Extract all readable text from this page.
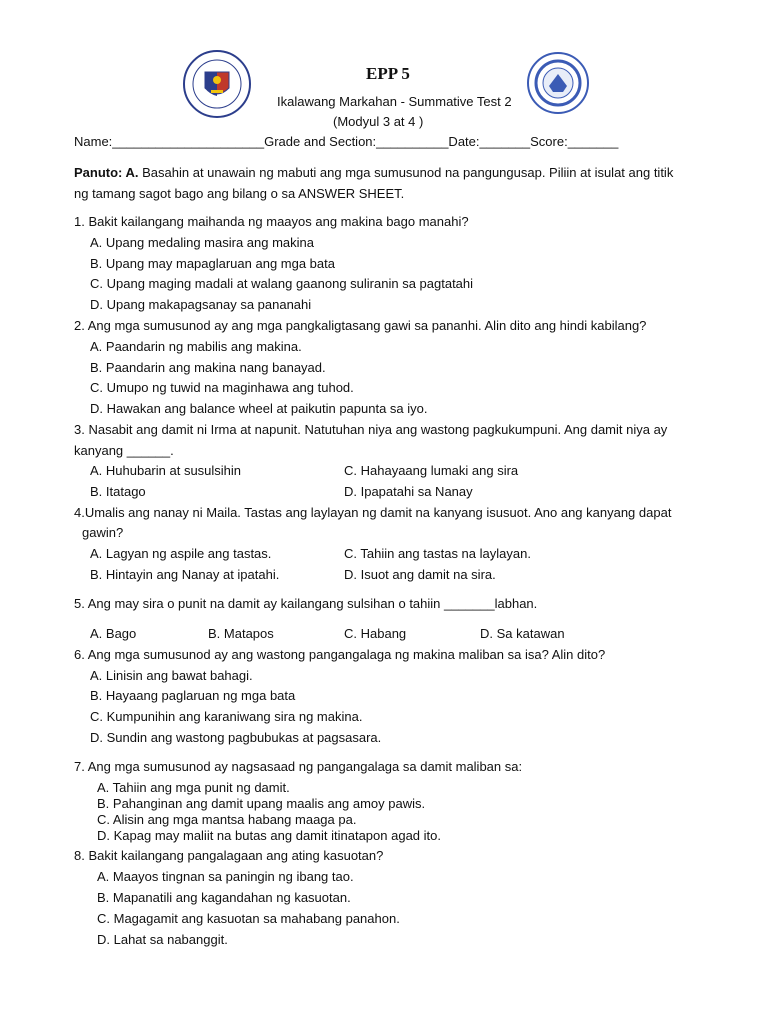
EPP 5
Ikalawang Markahan - Summative Test 2
(Modyul 3 at 4 )
Name:_____________________Grade and Section:__________Date:_______Score:_______
Panuto: A. Basahin at unawain ng mabuti ang mga sumusunod na pangungusap. Piliin at isulat ang titik
ng tamang sagot bago ang bilang o sa ANSWER SHEET.
1. Bakit kailangang maihanda ng maayos ang makina bago manahi?
A. Upang medaling masira ang makina
B. Upang may mapaglaruan ang mga bata
C. Upang maging madali at walang gaanong suliranin sa pagtatahi
D. Upang makapagsanay sa pananahi
2. Ang mga sumusunod ay ang mga pangkaligtasang gawi sa pananhi. Alin dito ang hindi kabilang?
A. Paandarin ng mabilis ang makina.
B. Paandarin ang makina nang banayad.
C. Umupo ng tuwid na maginhawa ang tuhod.
D. Hawakan ang balance wheel at paikutin papunta sa iyo.
3. Nasabit ang damit ni Irma at napunit. Natutuhan niya ang wastong pagkukumpuni. Ang damit niya ay
kanyang ______.
A. Huhubarin at susulsihin	C. Hahayaang lumaki ang sira
B. Itatago	D. Ipapatahi sa Nanay
4.Umalis ang nanay ni Maila. Tastas ang laylayan ng damit na kanyang isusuot. Ano ang kanyang dapat
gawin?
A. Lagyan ng aspile ang tastas.	C. Tahiin ang tastas na laylayan.
B. Hintayin ang Nanay at ipatahi.	D. Isuot ang damit na sira.
5. Ang may sira o punit na damit ay kailangang sulsihan o tahiin _______labhan.
A. Bago	B. Matapos	C. Habang	D. Sa katawan
6. Ang mga sumusunod ay ang wastong pangangalaga ng makina maliban sa isa? Alin dito?
A. Linisin ang bawat bahagi.
B. Hayaang paglaruan ng mga bata
C. Kumpunihin ang karaniwang sira ng makina.
D. Sundin ang wastong pagbubukas at pagsasara.
7. Ang mga sumusunod ay nagsasaad ng pangangalaga sa damit maliban sa:
A. Tahiin ang mga punit ng damit.
B. Pahanginan ang damit upang maalis ang amoy pawis.
C. Alisin ang mga mantsa habang maaga pa.
D. Kapag may maliit na butas ang damit itinatapon agad ito.
8. Bakit kailangang pangalagaan ang ating kasuotan?
A. Maayos tingnan sa paningin ng ibang tao.
B. Mapanatili ang kagandahan ng kasuotan.
C. Magagamit ang kasuotan sa mahabang panahon.
D. Lahat sa nabanggit.
